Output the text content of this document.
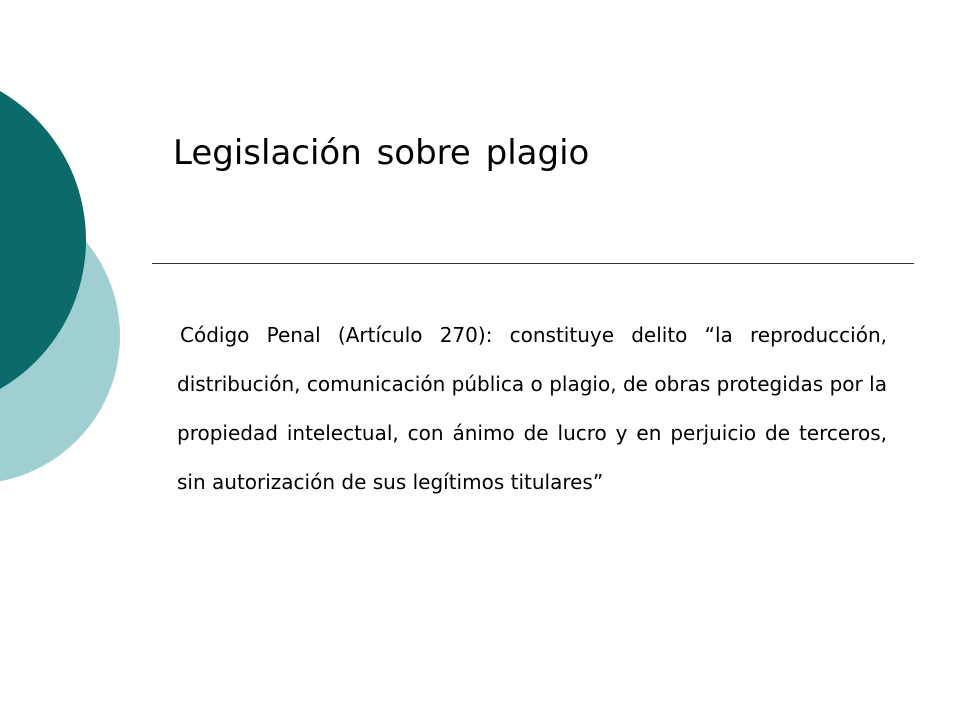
Legislación sobre plagio

Código Penal (Artículo 270): constituye delito “la reproducción, distribución, comunicación pública o plagio, de obras protegidas por la propiedad intelectual, con ánimo de lucro y en perjuicio de terceros, sin autorización de sus legítimos titulares”
